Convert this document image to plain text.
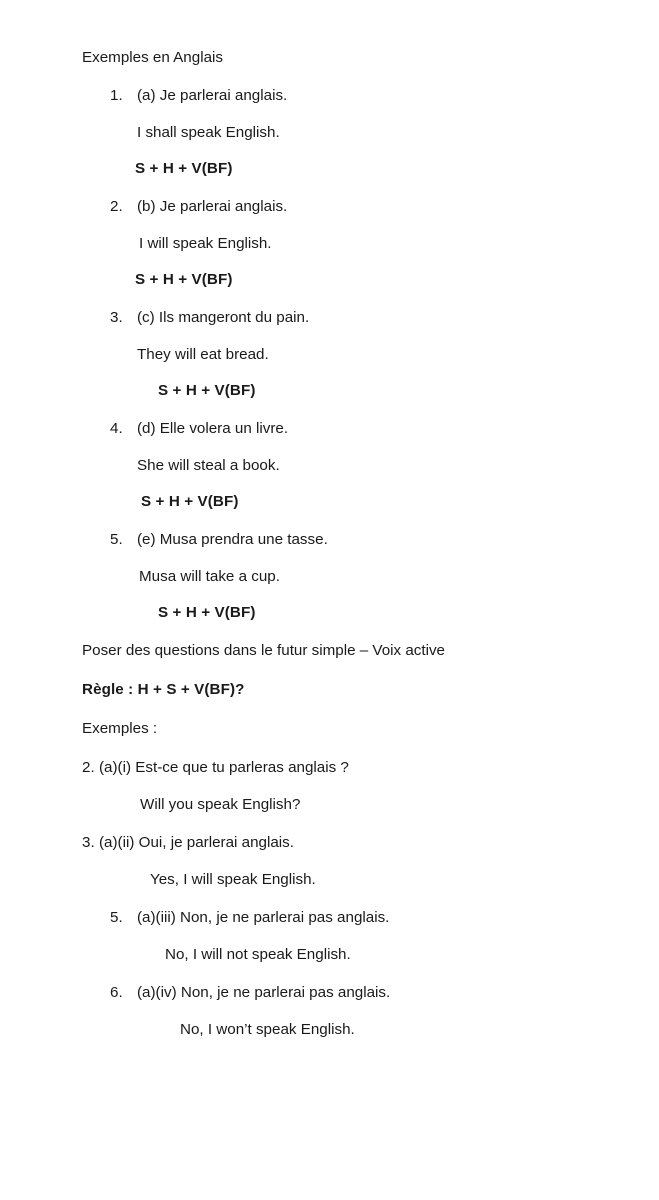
Exemples en Anglais
1. (a) Je parlerai anglais.
I shall speak English.
S + H + V(BF)
2. (b) Je parlerai anglais.
I will speak English.
S + H + V(BF)
3. (c) Ils mangeront du pain.
They will eat bread.
S + H + V(BF)
4. (d) Elle volera un livre.
She will steal a book.
S + H + V(BF)
5. (e) Musa prendra une tasse.
Musa will take a cup.
S + H + V(BF)
Poser des questions dans le futur simple – Voix active
Règle : H + S + V(BF)?
Exemples :
2. (a)(i) Est-ce que tu parleras anglais ?
Will you speak English?
3. (a)(ii) Oui, je parlerai anglais.
Yes, I will speak English.
5. (a)(iii) Non, je ne parlerai pas anglais.
No, I will not speak English.
6. (a)(iv) Non, je ne parlerai pas anglais.
No, I won’t speak English.
